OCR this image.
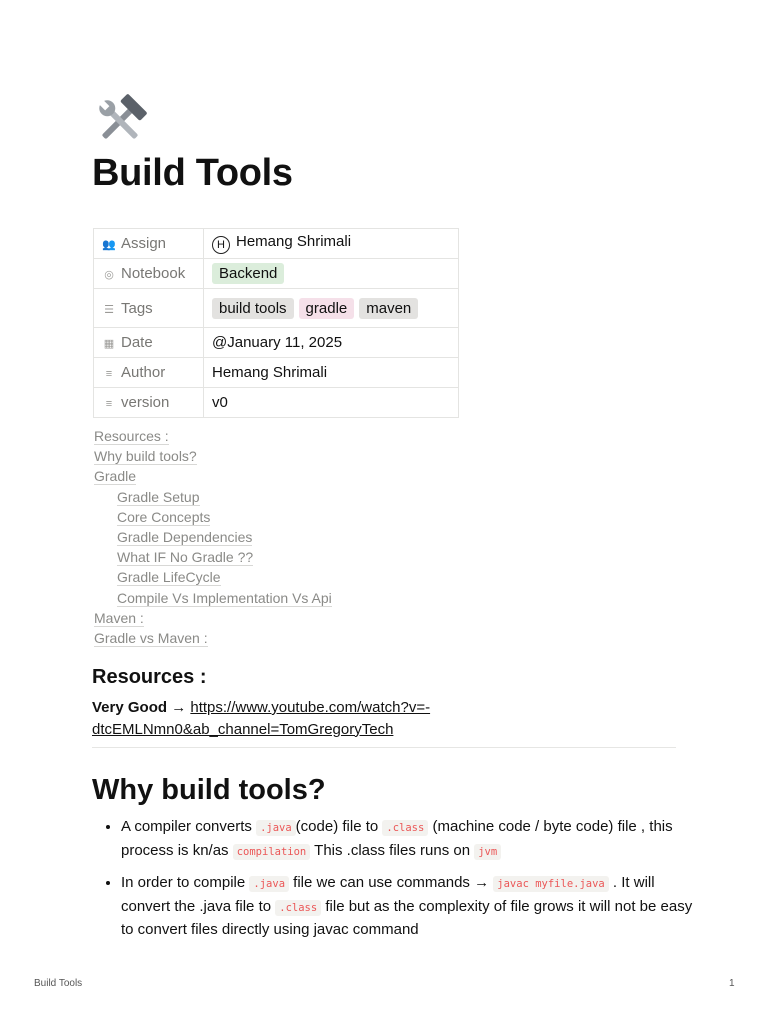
Build Tools
👥 Assign	H Hemang Shrimali
◎ Notebook	Backend
☰ Tags	build tools gradle maven
▦ Date	@January 11, 2025
≡ Author	Hemang Shrimali
≡ version	v0
Resources :
Why build tools?
Gradle
Gradle Setup
Core Concepts
Gradle Dependencies
What IF No Gradle ??
Gradle LifeCycle
Compile Vs Implementation Vs Api
Maven :
Gradle vs Maven :
Resources :
Very Good → https://www.youtube.com/watch?v=-dtcEMLNmn0&ab_channel=TomGregoryTech
Why build tools?
• A compiler converts .java (code) file to .class (machine code / byte code) file , this process is kn/as compilation This .class files runs on jvm
• In order to compile .java file we can use commands → javac myfile.java . It will convert the .java file to .class file but as the complexity of file grows it will not be easy to convert files directly using javac command
Build Tools	1
